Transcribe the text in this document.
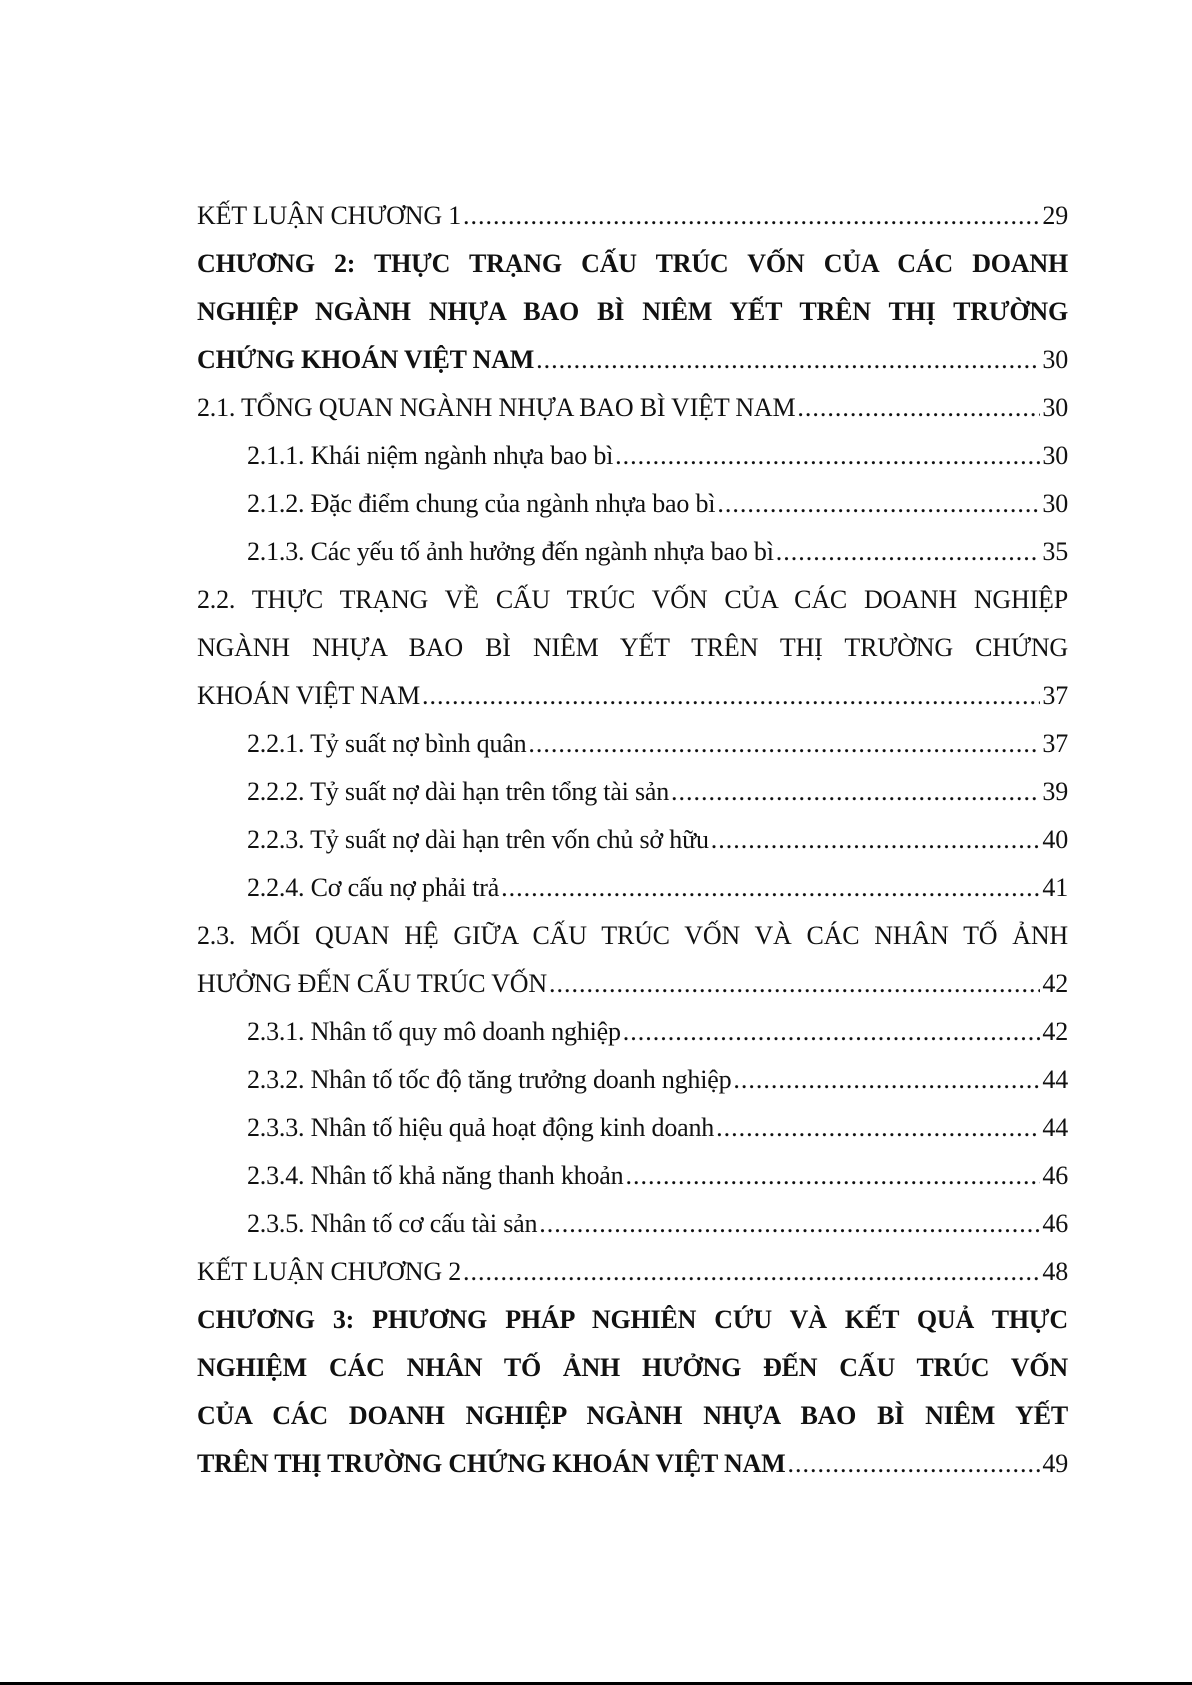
KẾT LUẬN CHƯƠNG 1 .....	29
CHƯƠNG 2: THỰC TRẠNG CẤU TRÚC VỐN CỦA CÁC DOANH
NGHIỆP NGÀNH NHỰA BAO BÌ NIÊM YẾT TRÊN THỊ TRƯỜNG
CHỨNG KHOÁN VIỆT NAM .....	30
2.1. TỔNG QUAN NGÀNH NHỰA BAO BÌ VIỆT NAM .....	30
2.1.1. Khái niệm ngành nhựa bao bì .....	30
2.1.2. Đặc điểm chung của ngành nhựa bao bì .....	30
2.1.3. Các yếu tố ảnh hưởng đến ngành nhựa bao bì .....	35
2.2. THỰC TRẠNG VỀ CẤU TRÚC VỐN CỦA CÁC DOANH NGHIỆP
NGÀNH NHỰA BAO BÌ NIÊM YẾT TRÊN THỊ TRƯỜNG CHỨNG
KHOÁN VIỆT NAM .....	37
2.2.1. Tỷ suất nợ bình quân .....	37
2.2.2. Tỷ suất nợ dài hạn trên tổng tài sản .....	39
2.2.3. Tỷ suất nợ dài hạn trên vốn chủ sở hữu .....	40
2.2.4. Cơ cấu nợ phải trả .....	41
2.3. MỐI QUAN HỆ GIỮA CẤU TRÚC VỐN VÀ CÁC NHÂN TỐ ẢNH
HƯỞNG ĐẾN CẤU TRÚC VỐN .....	42
2.3.1. Nhân tố quy mô doanh nghiệp .....	42
2.3.2. Nhân tố tốc độ tăng trưởng doanh nghiệp .....	44
2.3.3. Nhân tố hiệu quả hoạt động kinh doanh .....	44
2.3.4. Nhân tố khả năng thanh khoản .....	46
2.3.5. Nhân tố cơ cấu tài sản .....	46
KẾT LUẬN CHƯƠNG 2 .....	48
CHƯƠNG 3: PHƯƠNG PHÁP NGHIÊN CỨU VÀ KẾT QUẢ THỰC
NGHIỆM CÁC NHÂN TỐ ẢNH HƯỞNG ĐẾN CẤU TRÚC VỐN
CỦA CÁC DOANH NGHIỆP NGÀNH NHỰA BAO BÌ NIÊM YẾT
TRÊN THỊ TRƯỜNG CHỨNG KHOÁN VIỆT NAM .....	49
